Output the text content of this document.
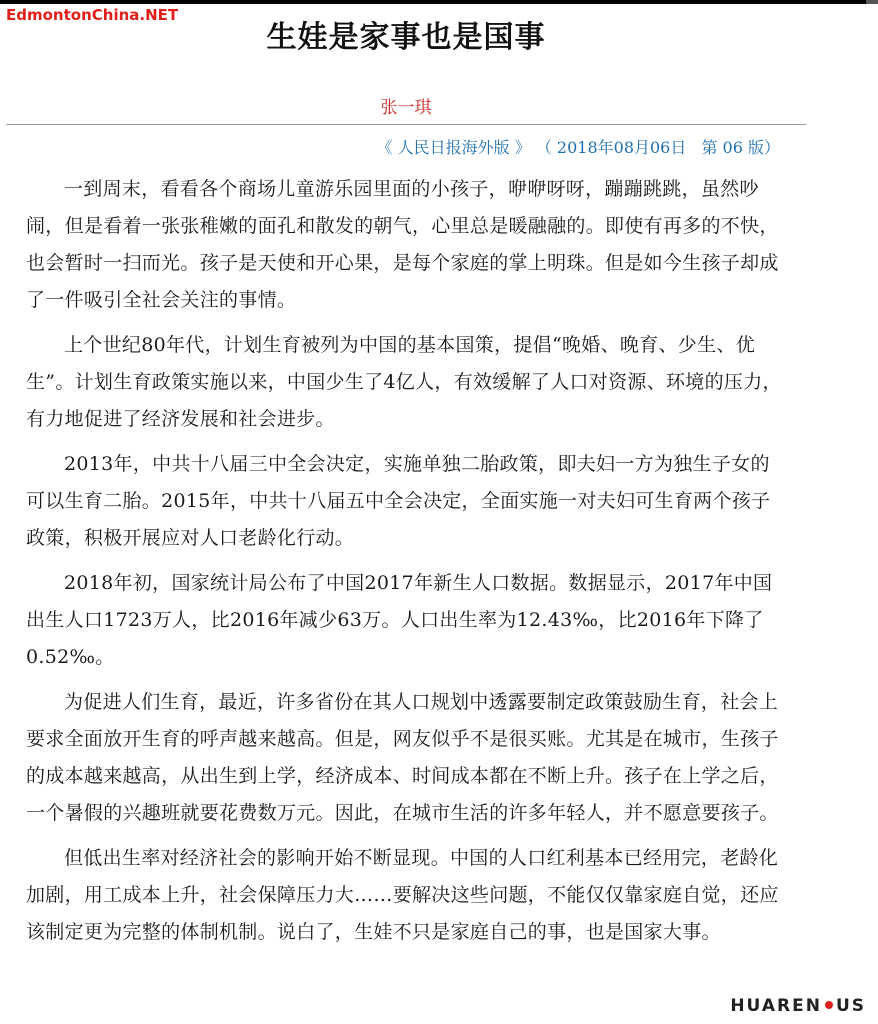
EdmontonChina.NET
生娃是家事也是国事
张一琪
《 人民日报海外版 》 （ 2018年08月06日 第 06 版）

一到周末，看看各个商场儿童游乐园里面的小孩子，咿咿呀呀，蹦蹦跳跳，虽然吵闹，但是看着一张张稚嫩的面孔和散发的朝气，心里总是暖融融的。即使有再多的不快，也会暂时一扫而光。孩子是天使和开心果，是每个家庭的掌上明珠。但是如今生孩子却成了一件吸引全社会关注的事情。

上个世纪80年代，计划生育被列为中国的基本国策，提倡“晚婚、晚育、少生、优生”。计划生育政策实施以来，中国少生了4亿人，有效缓解了人口对资源、环境的压力，有力地促进了经济发展和社会进步。

2013年，中共十八届三中全会决定，实施单独二胎政策，即夫妇一方为独生子女的可以生育二胎。2015年，中共十八届五中全会决定，全面实施一对夫妇可生育两个孩子政策，积极开展应对人口老龄化行动。

2018年初，国家统计局公布了中国2017年新生人口数据。数据显示，2017年中国出生人口1723万人，比2016年减少63万。人口出生率为12.43‰，比2016年下降了0.52‰。

为促进人们生育，最近，许多省份在其人口规划中透露要制定政策鼓励生育，社会上要求全面放开生育的呼声越来越高。但是，网友似乎不是很买账。尤其是在城市，生孩子的成本越来越高，从出生到上学，经济成本、时间成本都在不断上升。孩子在上学之后，一个暑假的兴趣班就要花费数万元。因此，在城市生活的许多年轻人，并不愿意要孩子。

但低出生率对经济社会的影响开始不断显现。中国的人口红利基本已经用完，老龄化加剧，用工成本上升，社会保障压力大……要解决这些问题，不能仅仅靠家庭自觉，还应该制定更为完整的体制机制。说白了，生娃不只是家庭自己的事，也是国家大事。

HUAREN US
